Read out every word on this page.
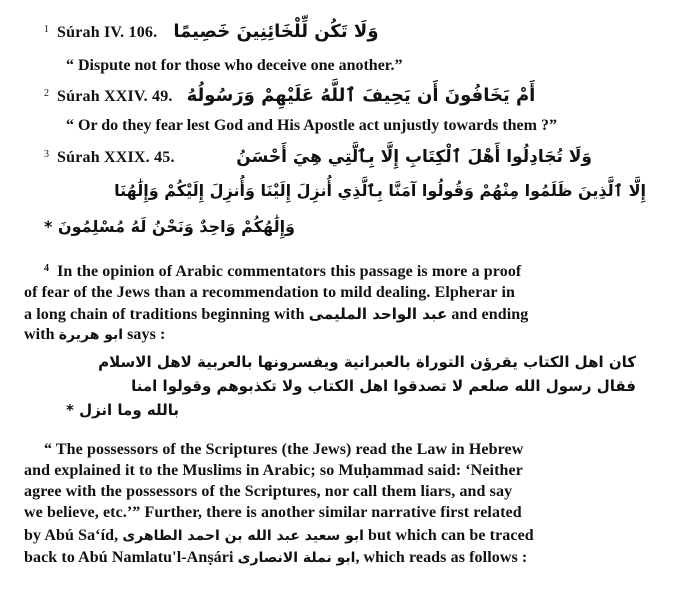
$^1$ Súrah IV. 106. وَلَا تَكُن لِّلْخَائِنِينَ خَصِيمًا
“ Dispute not for those who deceive one another.”
$^2$ Súrah XXIV. 49. أَمْ يَخَافُونَ أَن يَحِيفَ ٱللَّهُ عَلَيْهِمْ وَرَسُولُهُ
“ Or do they fear lest God and His Apostle act unjustly towards them ?”
$^3$ Súrah XXIX. 45.	وَلَا تُجَادِلُوا أَهْلَ ٱلْكِتَابِ إِلَّا بِٱلَّتِي هِيَ أَحْسَنُ
إِلَّا ٱلَّذِينَ ظَلَمُوا مِنْهُمْ وَقُولُوا آمَنَّا بِٱلَّذِي أُنزِلَ إِلَيْنَا وَأُنزِلَ إِلَيْكُمْ وَإِلَٰهُنَا
وَإِلَٰهُكُمْ وَاحِدٌ وَنَحْنُ لَهُ مُسْلِمُونَ *
$^4$ In the opinion of Arabic commentators this passage is more a proof
of fear of the Jews than a recommendation to mild dealing. Elpherar in
a long chain of traditions beginning with عبد الواحد المليمى and ending
with ابو هريرة says :
كان اهل الكتاب يقرؤن التوراة بالعبرانية ويفسرونها بالعربية لاهل الاسلام
فقال رسول الله صلعم لا تصدقوا اهل الكتاب ولا تكذبوهم وقولوا امنا
بالله وما انزل *
“ The possessors of the Scriptures (the Jews) read the Law in Hebrew
and explained it to the Muslims in Arabic; so Muḥammad said: ‘Neither
agree with the possessors of the Scriptures, nor call them liars, and say
we believe, etc.’” Further, there is another similar narrative first related
by Abú Sa‘íd, ابو سعيد عبد الله بن احمد الطاهرى but which can be traced
back to Abú Namlatu'l-Anṣári ابو نملة الانصارى, which reads as follows :
